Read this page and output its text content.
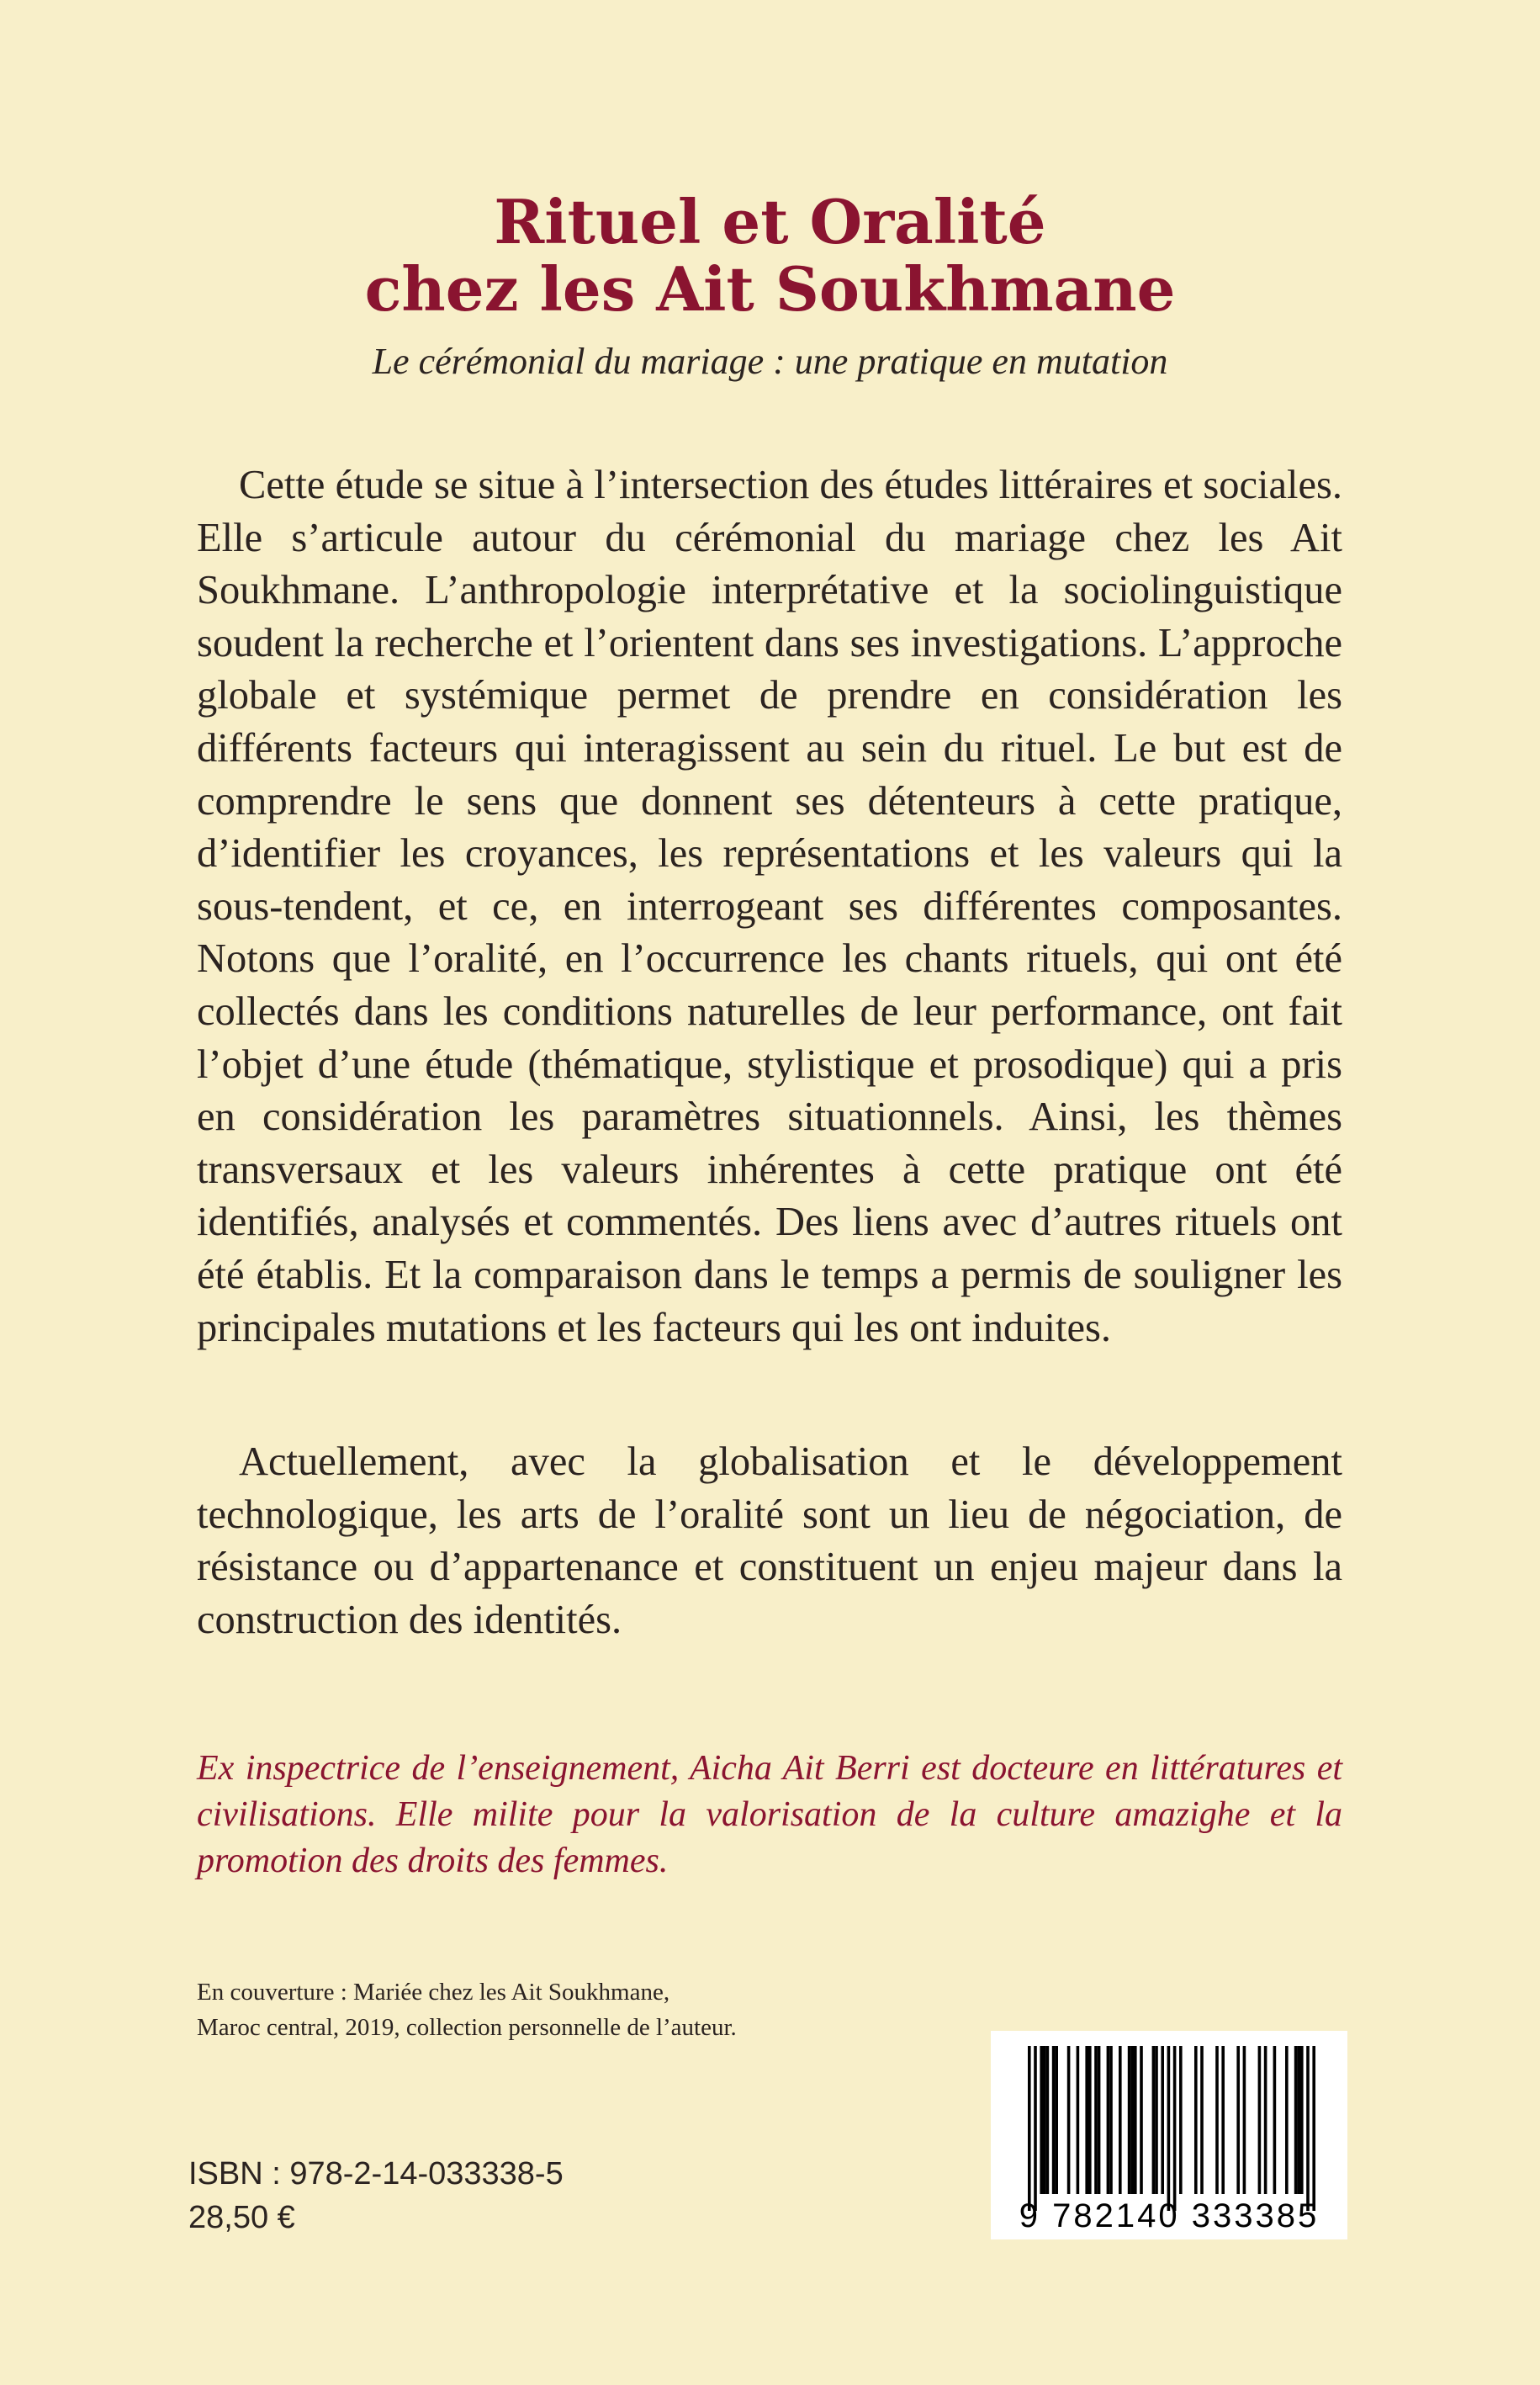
Rituel et Oralité
chez les Ait Soukhmane
Le cérémonial du mariage : une pratique en mutation

Cette étude se situe à l’intersection des études littéraires et sociales. Elle s’articule autour du cérémonial du mariage chez les Ait Soukhmane. L’anthropologie interprétative et la sociolinguistique soudent la recherche et l’orientent dans ses investigations. L’approche globale et systémique permet de prendre en considération les différents facteurs qui interagissent au sein du rituel. Le but est de comprendre le sens que donnent ses détenteurs à cette pratique, d’identifier les croyances, les représentations et les valeurs qui la sous-tendent, et ce, en interrogeant ses différentes composantes. Notons que l’oralité, en l’occurrence les chants rituels, qui ont été collectés dans les conditions naturelles de leur performance, ont fait l’objet d’une étude (thématique, stylistique et prosodique) qui a pris en considération les paramètres situationnels. Ainsi, les thèmes transversaux et les valeurs inhérentes à cette pratique ont été identifiés, analysés et commentés. Des liens avec d’autres rituels ont été établis. Et la comparaison dans le temps a permis de souligner les principales mutations et les facteurs qui les ont induites.

Actuellement, avec la globalisation et le développement technologique, les arts de l’oralité sont un lieu de négociation, de résistance ou d’appartenance et constituent un enjeu majeur dans la construction des identités.

Ex inspectrice de l’enseignement, Aicha Ait Berri est docteure en littératures et civilisations. Elle milite pour la valorisation de la culture amazighe et la promotion des droits des femmes.

En couverture : Mariée chez les Ait Soukhmane,
Maroc central, 2019, collection personnelle de l’auteur.
ISBN : 978-2-14-033338-5
28,50 €	9 782140 333385
